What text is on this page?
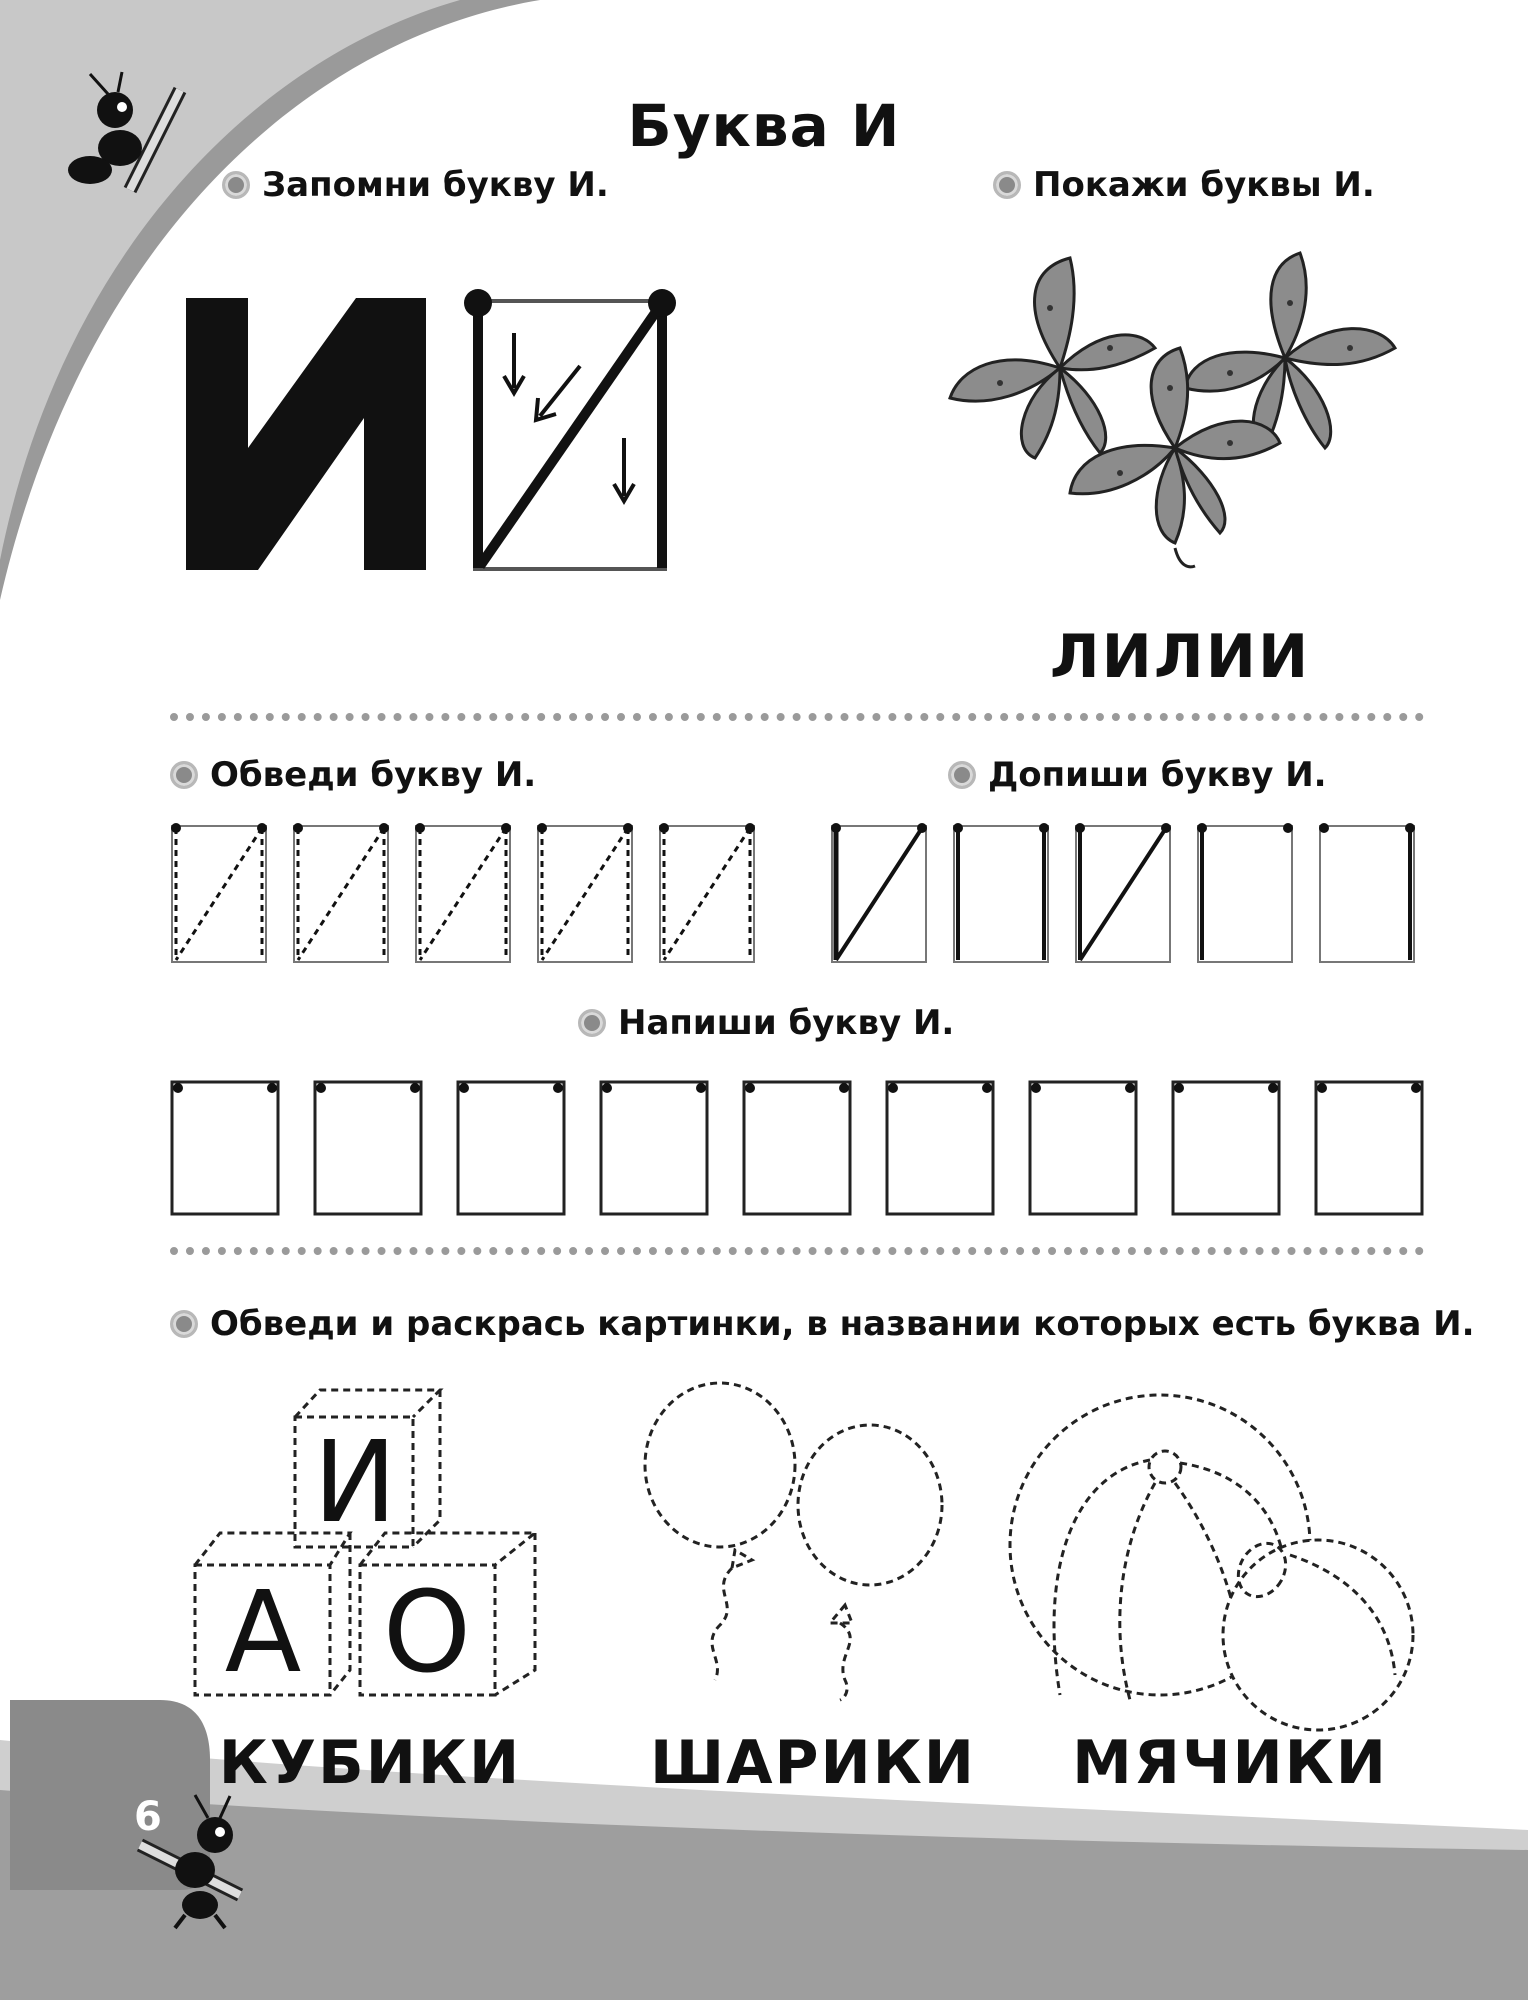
Буква И
Запомни букву И.	Покажи буквы И.
ЛИЛИИ
Обведи букву И.	Допиши букву И.
Напиши букву И.
Обведи и раскрась картинки, в названии которых есть буква И.
И
А О
КУБИКИ ШАРИКИ МЯЧИКИ
6
